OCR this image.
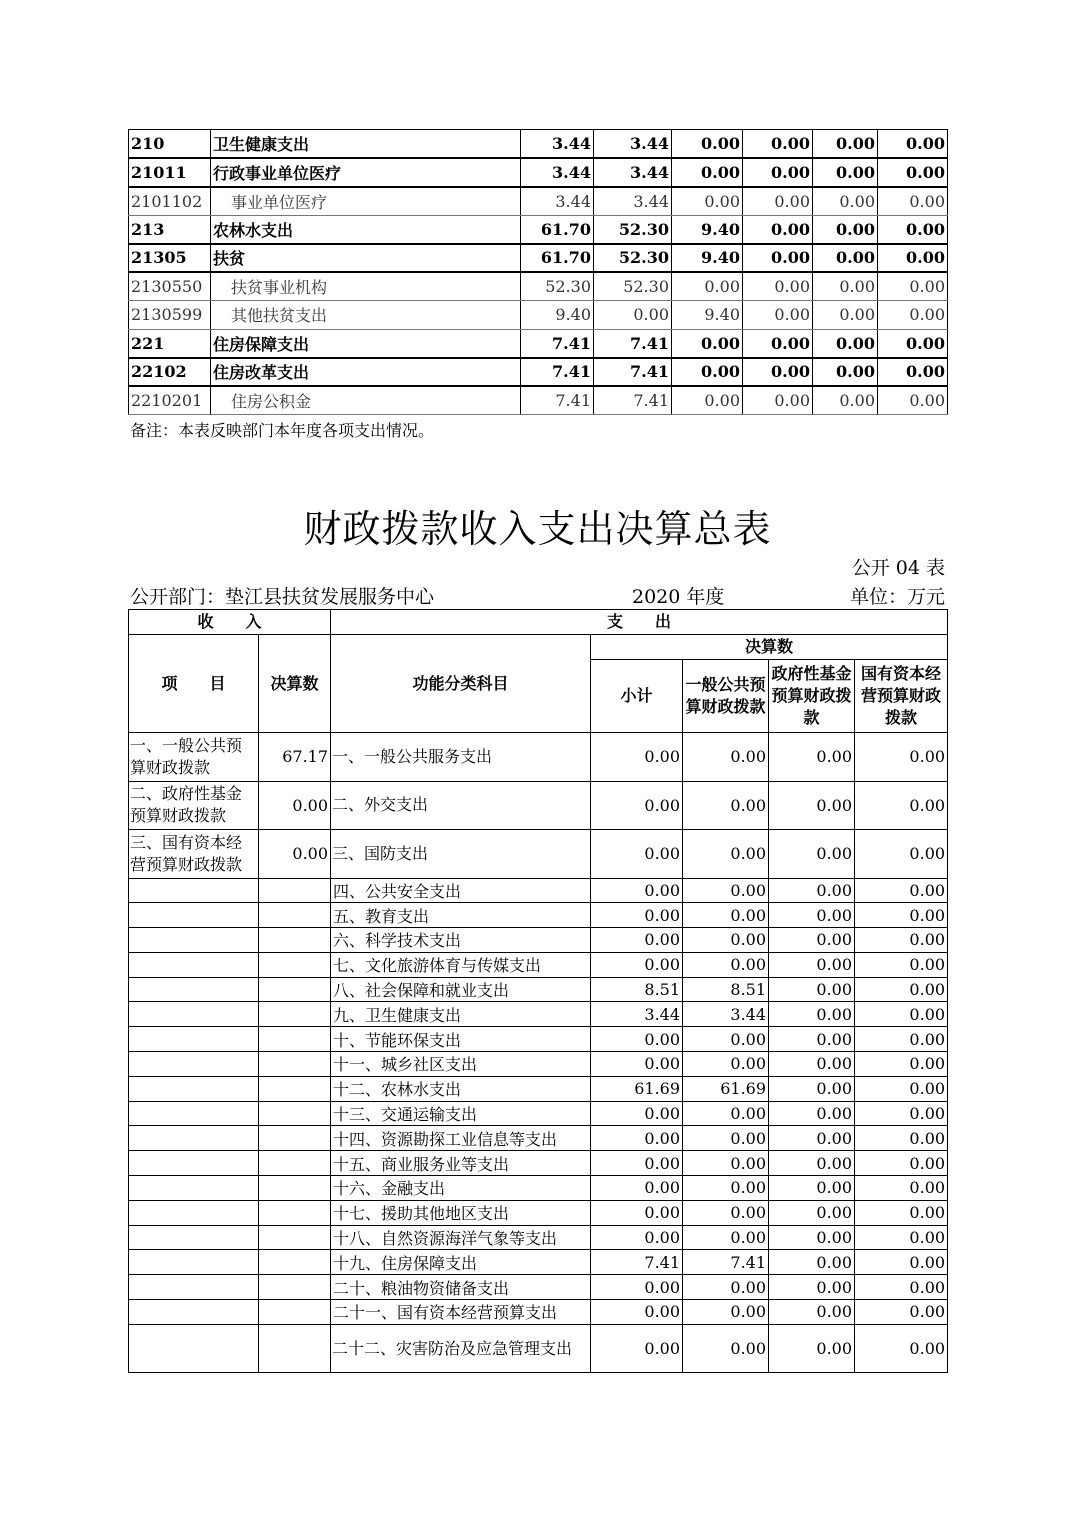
210	卫生健康支出	3.44	3.44	0.00	0.00	0.00	0.00
21011	行政事业单位医疗	3.44	3.44	0.00	0.00	0.00	0.00
2101102	事业单位医疗	3.44	3.44	0.00	0.00	0.00	0.00
213	农林水支出	61.70	52.30	9.40	0.00	0.00	0.00
21305	扶贫	61.70	52.30	9.40	0.00	0.00	0.00
2130550	扶贫事业机构	52.30	52.30	0.00	0.00	0.00	0.00
2130599	其他扶贫支出	9.40	0.00	9.40	0.00	0.00	0.00
221	住房保障支出	7.41	7.41	0.00	0.00	0.00	0.00
22102	住房改革支出	7.41	7.41	0.00	0.00	0.00	0.00
2210201	住房公积金	7.41	7.41	0.00	0.00	0.00	0.00
备注：本表反映部门本年度各项支出情况。
财政拨款收入支出决算总表
公开 04 表
公开部门：垫江县扶贫发展服务中心	2020 年度	单位：万元
收　　入		支　　出				
项　　目	决算数	功能分类科目	决算数			
			小计	一般公共预算财政拨款	政府性基金预算财政拨款	国有资本经营预算财政拨款
一、一般公共预算财政拨款	67.17	一、一般公共服务支出	0.00	0.00	0.00	0.00
二、政府性基金预算财政拨款	0.00	二、外交支出	0.00	0.00	0.00	0.00
三、国有资本经营预算财政拨款	0.00	三、国防支出	0.00	0.00	0.00	0.00
		四、公共安全支出	0.00	0.00	0.00	0.00
		五、教育支出	0.00	0.00	0.00	0.00
		六、科学技术支出	0.00	0.00	0.00	0.00
		七、文化旅游体育与传媒支出	0.00	0.00	0.00	0.00
		八、社会保障和就业支出	8.51	8.51	0.00	0.00
		九、卫生健康支出	3.44	3.44	0.00	0.00
		十、节能环保支出	0.00	0.00	0.00	0.00
		十一、城乡社区支出	0.00	0.00	0.00	0.00
		十二、农林水支出	61.69	61.69	0.00	0.00
		十三、交通运输支出	0.00	0.00	0.00	0.00
		十四、资源勘探工业信息等支出	0.00	0.00	0.00	0.00
		十五、商业服务业等支出	0.00	0.00	0.00	0.00
		十六、金融支出	0.00	0.00	0.00	0.00
		十七、援助其他地区支出	0.00	0.00	0.00	0.00
		十八、自然资源海洋气象等支出	0.00	0.00	0.00	0.00
		十九、住房保障支出	7.41	7.41	0.00	0.00
		二十、粮油物资储备支出	0.00	0.00	0.00	0.00
		二十一、国有资本经营预算支出	0.00	0.00	0.00	0.00
		二十二、灾害防治及应急管理支出	0.00	0.00	0.00	0.00
